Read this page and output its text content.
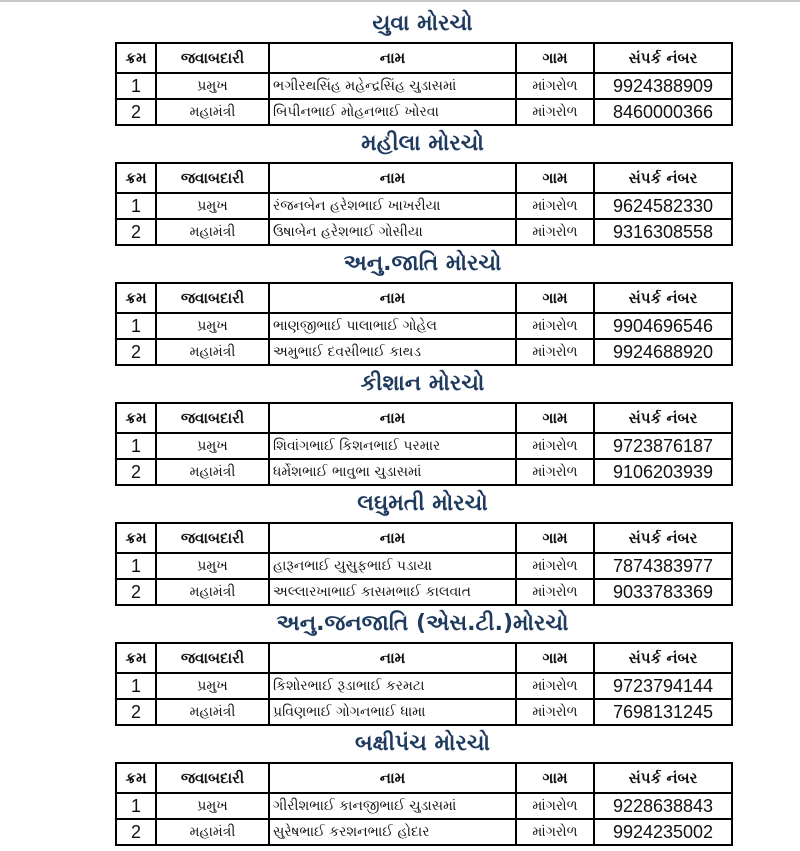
યુવા મોરચો
ક્રમ	જવાબદારી	નામ	ગામ	સંપર્ક નંબર
1	પ્રમુખ	ભગીરથસિંહ મહેન્દ્રસિંહ ચુડાસમાં	માંગરોળ	9924388909
2	મહામંત્રી	બિપીનભાઈ મોહનભાઈ ખોરવા	માંગરોળ	8460000366
મહીલા મોરચો
ક્રમ	જવાબદારી	નામ	ગામ	સંપર્ક નંબર
1	પ્રમુખ	રંજનબેન હરેશભાઈ ખાખરીયા	માંગરોળ	9624582330
2	મહામંત્રી	ઉષાબેન હરેશભાઈ ગોસીયા	માંગરોળ	9316308558
અનુ.જાતિ મોરચો
ક્રમ	જવાબદારી	નામ	ગામ	સંપર્ક નંબર
1	પ્રમુખ	ભાણજીભાઈ પાલાભાઈ ગોહેલ	માંગરોળ	9904696546
2	મહામંત્રી	અમુભાઈ દવસીભાઈ કાથડ	માંગરોળ	9924688920
કીશાન મોરચો
ક્રમ	જવાબદારી	નામ	ગામ	સંપર્ક નંબર
1	પ્રમુખ	શિવાંગભાઈ કિશનભાઈ પરમાર	માંગરોળ	9723876187
2	મહામંત્રી	ધર્મેશભાઈ ભાવુભા ચુડાસમાં	માંગરોળ	9106203939
લઘુમતી મોરચો
ક્રમ	જવાબદારી	નામ	ગામ	સંપર્ક નંબર
1	પ્રમુખ	હારૂનભાઈ યુસુફભાઈ પડાયા	માંગરોળ	7874383977
2	મહામંત્રી	અલ્લારખાભાઈ કાસમભાઈ કાલવાત	માંગરોળ	9033783369
અનુ.જનજાતિ (એસ.ટી.)મોરચો
ક્રમ	જવાબદારી	નામ	ગામ	સંપર્ક નંબર
1	પ્રમુખ	કિશોરભાઈ રૂડાભાઈ કરમટા	માંગરોળ	9723794144
2	મહામંત્રી	પ્રવિણભાઈ ગોગનભાઈ ધામા	માંગરોળ	7698131245
બક્ષીપંચ મોરચો
ક્રમ	જવાબદારી	નામ	ગામ	સંપર્ક નંબર
1	પ્રમુખ	ગીરીશભાઈ કાનજીભાઈ ચુડાસમાં	માંગરોળ	9228638843
2	મહામંત્રી	સુરેષભાઈ કરશનભાઈ હોદાર	માંગરોળ	9924235002
